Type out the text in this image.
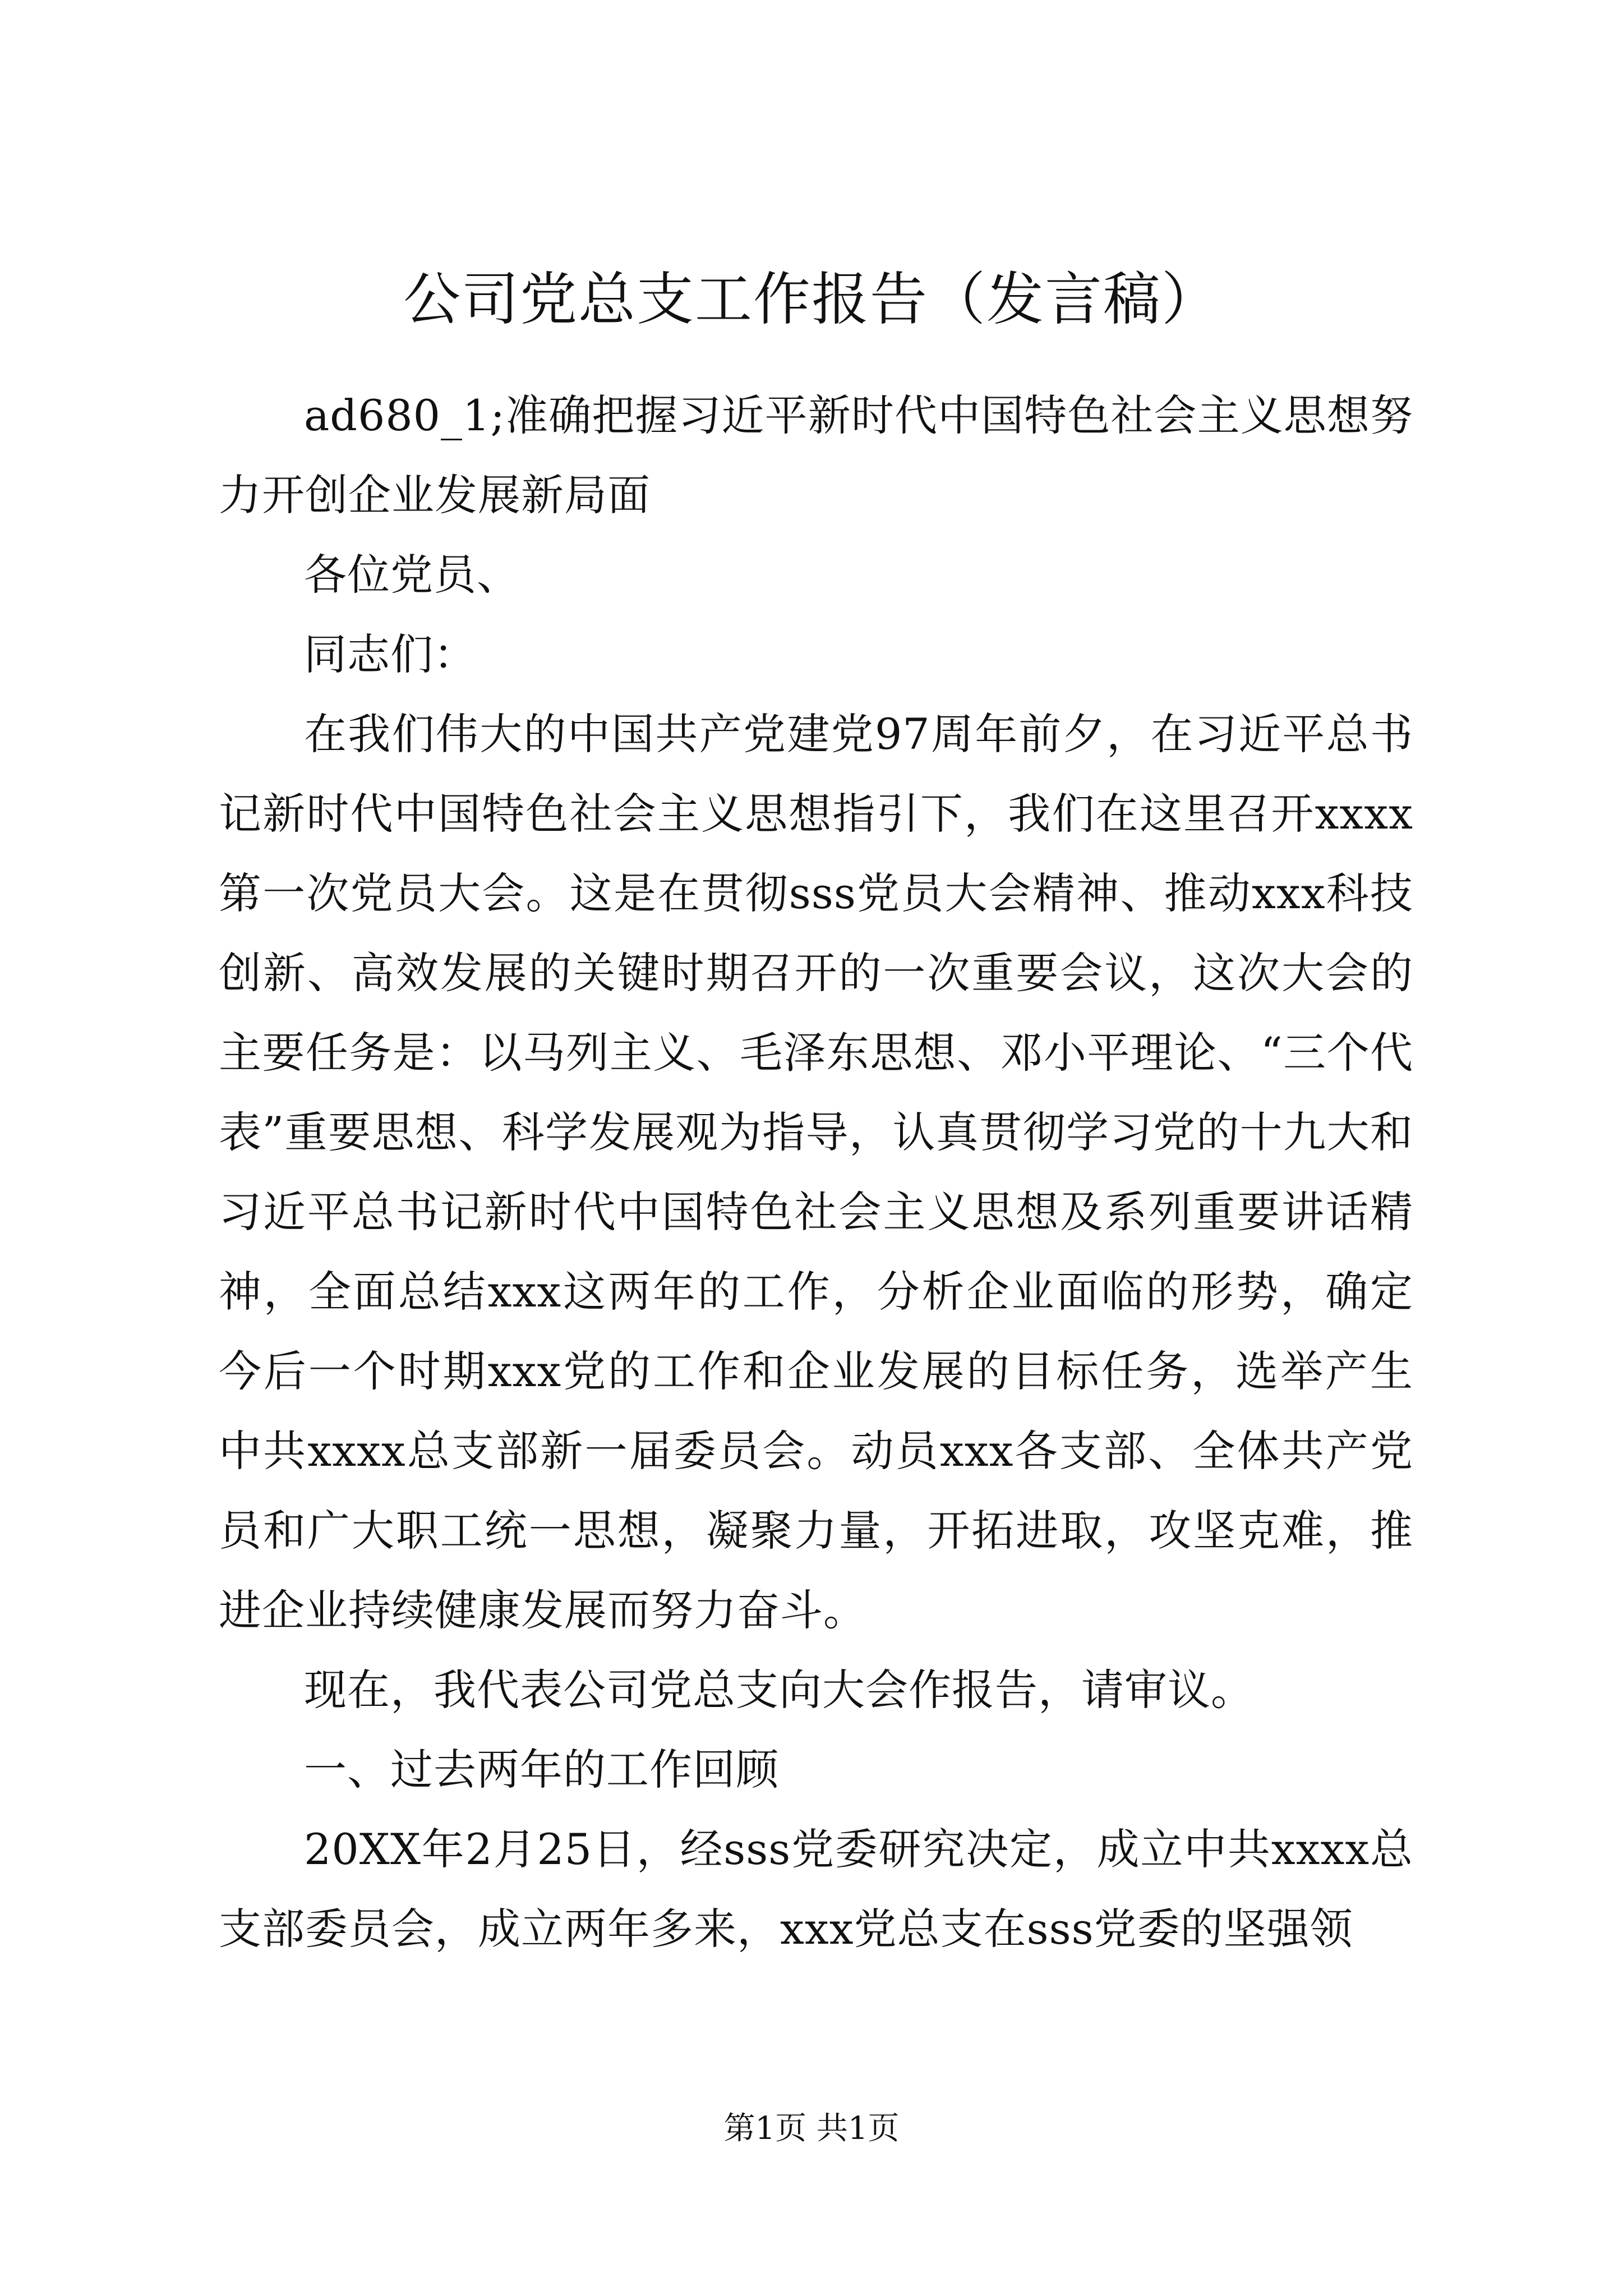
公司党总支工作报告（发言稿）

ad680_1;准确把握习近平新时代中国特色社会主义思想努力开创企业发展新局面

各位党员、

同志们：

在我们伟大的中国共产党建党97周年前夕，在习近平总书记新时代中国特色社会主义思想指引下，我们在这里召开xxxx第一次党员大会。这是在贯彻sss党员大会精神、推动xxx科技创新、高效发展的关键时期召开的一次重要会议，这次大会的主要任务是：以马列主义、毛泽东思想、邓小平理论、“三个代表”重要思想、科学发展观为指导，认真贯彻学习党的十九大和习近平总书记新时代中国特色社会主义思想及系列重要讲话精神，全面总结xxx这两年的工作，分析企业面临的形势，确定今后一个时期xxx党的工作和企业发展的目标任务，选举产生中共xxxx总支部新一届委员会。动员xxx各支部、全体共产党员和广大职工统一思想，凝聚力量，开拓进取，攻坚克难，推进企业持续健康发展而努力奋斗。

现在，我代表公司党总支向大会作报告，请审议。

一、过去两年的工作回顾

20XX年2月25日，经sss党委研究决定，成立中共xxxx总支部委员会，成立两年多来，xxx党总支在sss党委的坚强领

第1页 共1页
